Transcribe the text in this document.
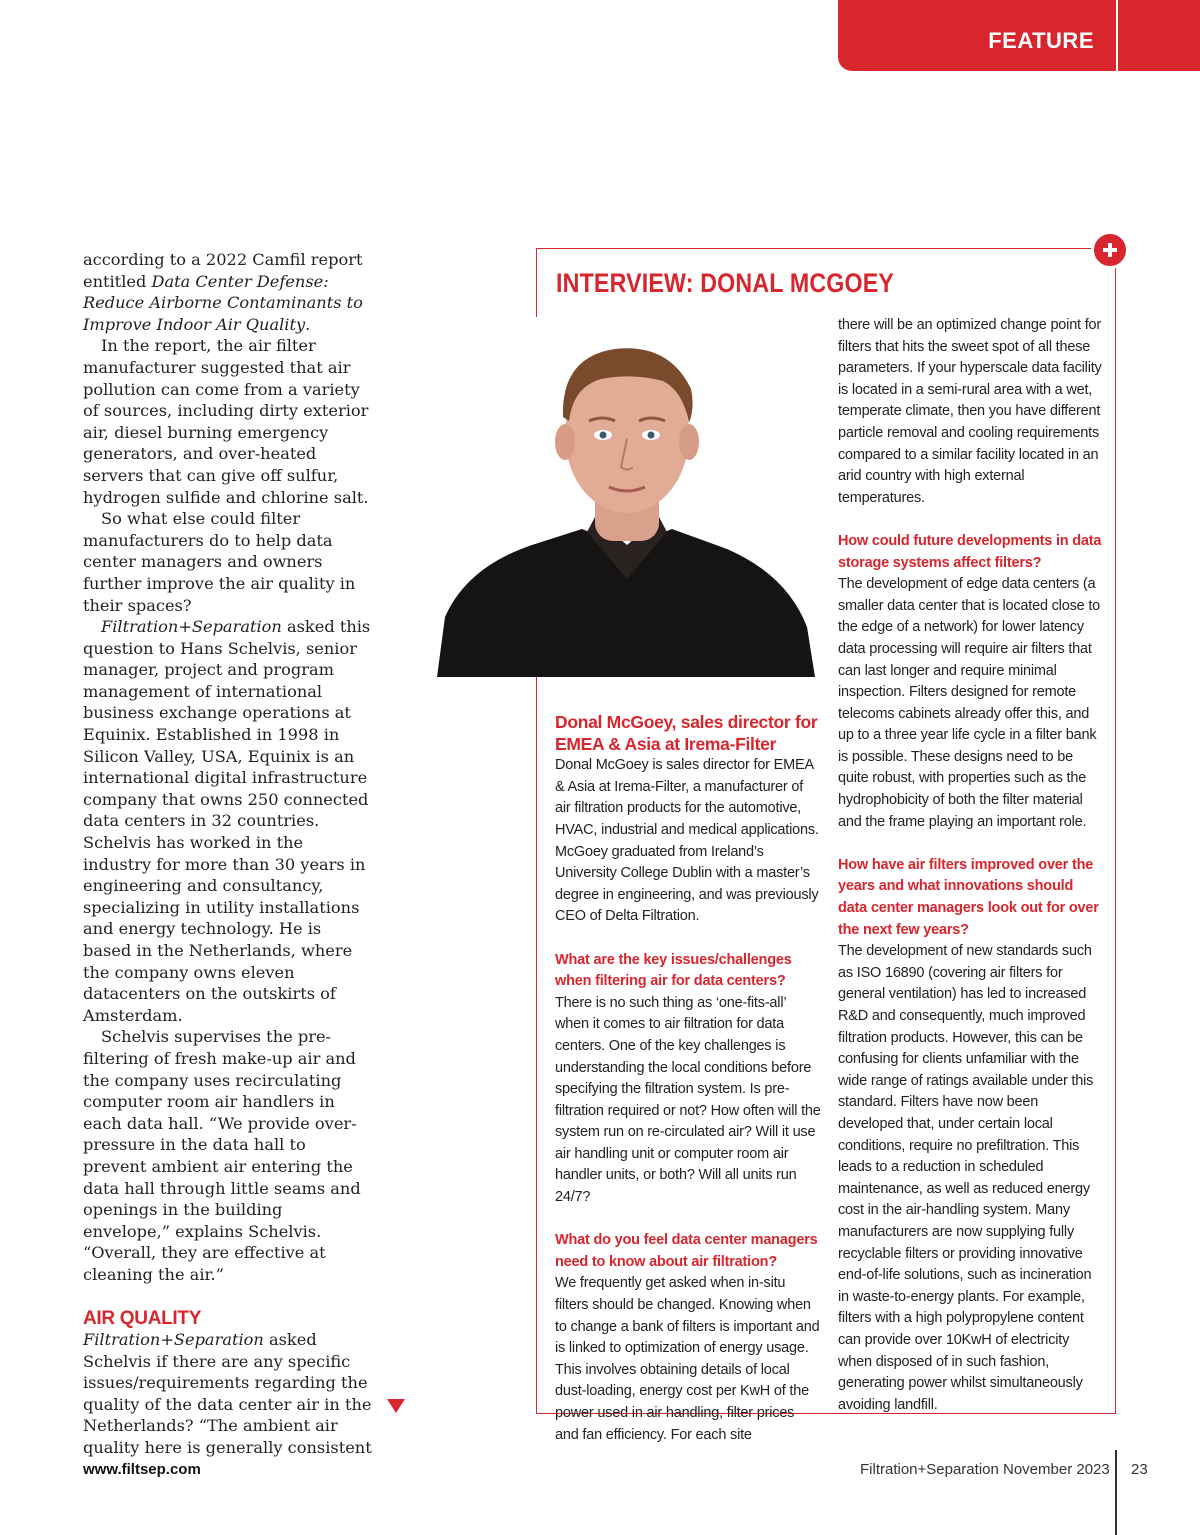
FEATURE

according to a 2022 Camfil report entitled Data Center Defense: Reduce Airborne Contaminants to Improve Indoor Air Quality.

In the report, the air filter manufacturer suggested that air pollution can come from a variety of sources, including dirty exterior air, diesel burning emergency generators, and over-heated servers that can give off sulfur, hydrogen sulfide and chlorine salt.

So what else could filter manufacturers do to help data center managers and owners further improve the air quality in their spaces?

Filtration+Separation asked this question to Hans Schelvis, senior manager, project and program management of international business exchange operations at Equinix. Established in 1998 in Silicon Valley, USA, Equinix is an international digital infrastructure company that owns 250 connected data centers in 32 countries. Schelvis has worked in the industry for more than 30 years in engineering and consultancy, specializing in utility installations and energy technology. He is based in the Netherlands, where the company owns eleven datacenters on the outskirts of Amsterdam.

Schelvis supervises the pre-filtering of fresh make-up air and the company uses recirculating computer room air handlers in each data hall. “We provide over-pressure in the data hall to prevent ambient air entering the data hall through little seams and openings in the building envelope,” explains Schelvis. “Overall, they are effective at cleaning the air.”

AIR QUALITY

Filtration+Separation asked Schelvis if there are any specific issues/requirements regarding the quality of the data center air in the Netherlands? “The ambient air quality here is generally consistent

INTERVIEW: DONAL MCGOEY

Donal McGoey, sales director for EMEA & Asia at Irema-Filter

Donal McGoey is sales director for EMEA & Asia at Irema-Filter, a manufacturer of air filtration products for the automotive, HVAC, industrial and medical applications. McGoey graduated from Ireland’s University College Dublin with a master’s degree in engineering, and was previously CEO of Delta Filtration.

What are the key issues/challenges when filtering air for data centers?

There is no such thing as ‘one-fits-all’ when it comes to air filtration for data centers. One of the key challenges is understanding the local conditions before specifying the filtration system. Is pre-filtration required or not? How often will the system run on re-circulated air? Will it use air handling unit or computer room air handler units, or both? Will all units run 24/7?

What do you feel data center managers need to know about air filtration?

We frequently get asked when in-situ filters should be changed. Knowing when to change a bank of filters is important and is linked to optimization of energy usage. This involves obtaining details of local dust-loading, energy cost per KwH of the power used in air handling, filter prices and fan efficiency. For each site

there will be an optimized change point for filters that hits the sweet spot of all these parameters. If your hyperscale data facility is located in a semi-rural area with a wet, temperate climate, then you have different particle removal and cooling requirements compared to a similar facility located in an arid country with high external temperatures.

How could future developments in data storage systems affect filters?

The development of edge data centers (a smaller data center that is located close to the edge of a network) for lower latency data processing will require air filters that can last longer and require minimal inspection. Filters designed for remote telecoms cabinets already offer this, and up to a three year life cycle in a filter bank is possible. These designs need to be quite robust, with properties such as the hydrophobicity of both the filter material and the frame playing an important role.

How have air filters improved over the years and what innovations should data center managers look out for over the next few years?

The development of new standards such as ISO 16890 (covering air filters for general ventilation) has led to increased R&D and consequently, much improved filtration products. However, this can be confusing for clients unfamiliar with the wide range of ratings available under this standard. Filters have now been developed that, under certain local conditions, require no prefiltration. This leads to a reduction in scheduled maintenance, as well as reduced energy cost in the air-handling system. Many manufacturers are now supplying fully recyclable filters or providing innovative end-of-life solutions, such as incineration in waste-to-energy plants. For example, filters with a high polypropylene content can provide over 10KwH of electricity when disposed of in such fashion, generating power whilst simultaneously avoiding landfill.

www.filtsep.com	Filtration+Separation November 2023 23
